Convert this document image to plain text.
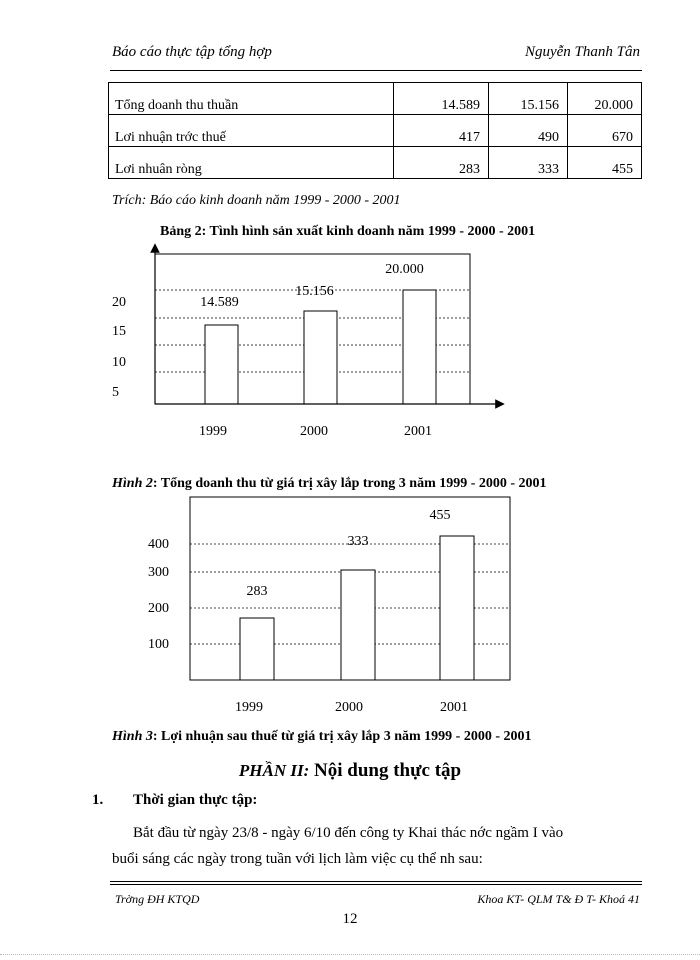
Báo cáo thực tập tổng hợp	Nguyễn Thanh Tân
Tổng doanh thu thuần	14.589	15.156	20.000
Lơi nhuận trớc thuế	417	490	670
Lơi nhuân ròng	283	333	455
Trích: Báo cáo kinh doanh năm 1999 - 2000 - 2001
Bảng 2: Tình hình sản xuất kinh doanh năm 1999 - 2000 - 2001
5
10
15
20	14.589
1999
15.156
2000
20.000
2001
Hình 2: Tổng doanh thu từ giá trị xây lắp trong 3 năm 1999 - 2000 - 2001
100
200
300
400
283
1999
333
2000
455
2001
Hình 3: Lợi nhuận sau thuế từ giá trị xây lắp 3 năm 1999 - 2000 - 2001
PHẦN II: Nội dung thực tập
1. Thời gian thực tập:
Bắt đầu từ ngày 23/8 - ngày 6/10 đến công ty Khai thác nớc ngầm I vào
buổi sáng các ngày trong tuần với lịch làm việc cụ thể nh sau:
Trờng ĐH KTQD	Khoa KT- QLM T& Đ T- Khoá 41
12
